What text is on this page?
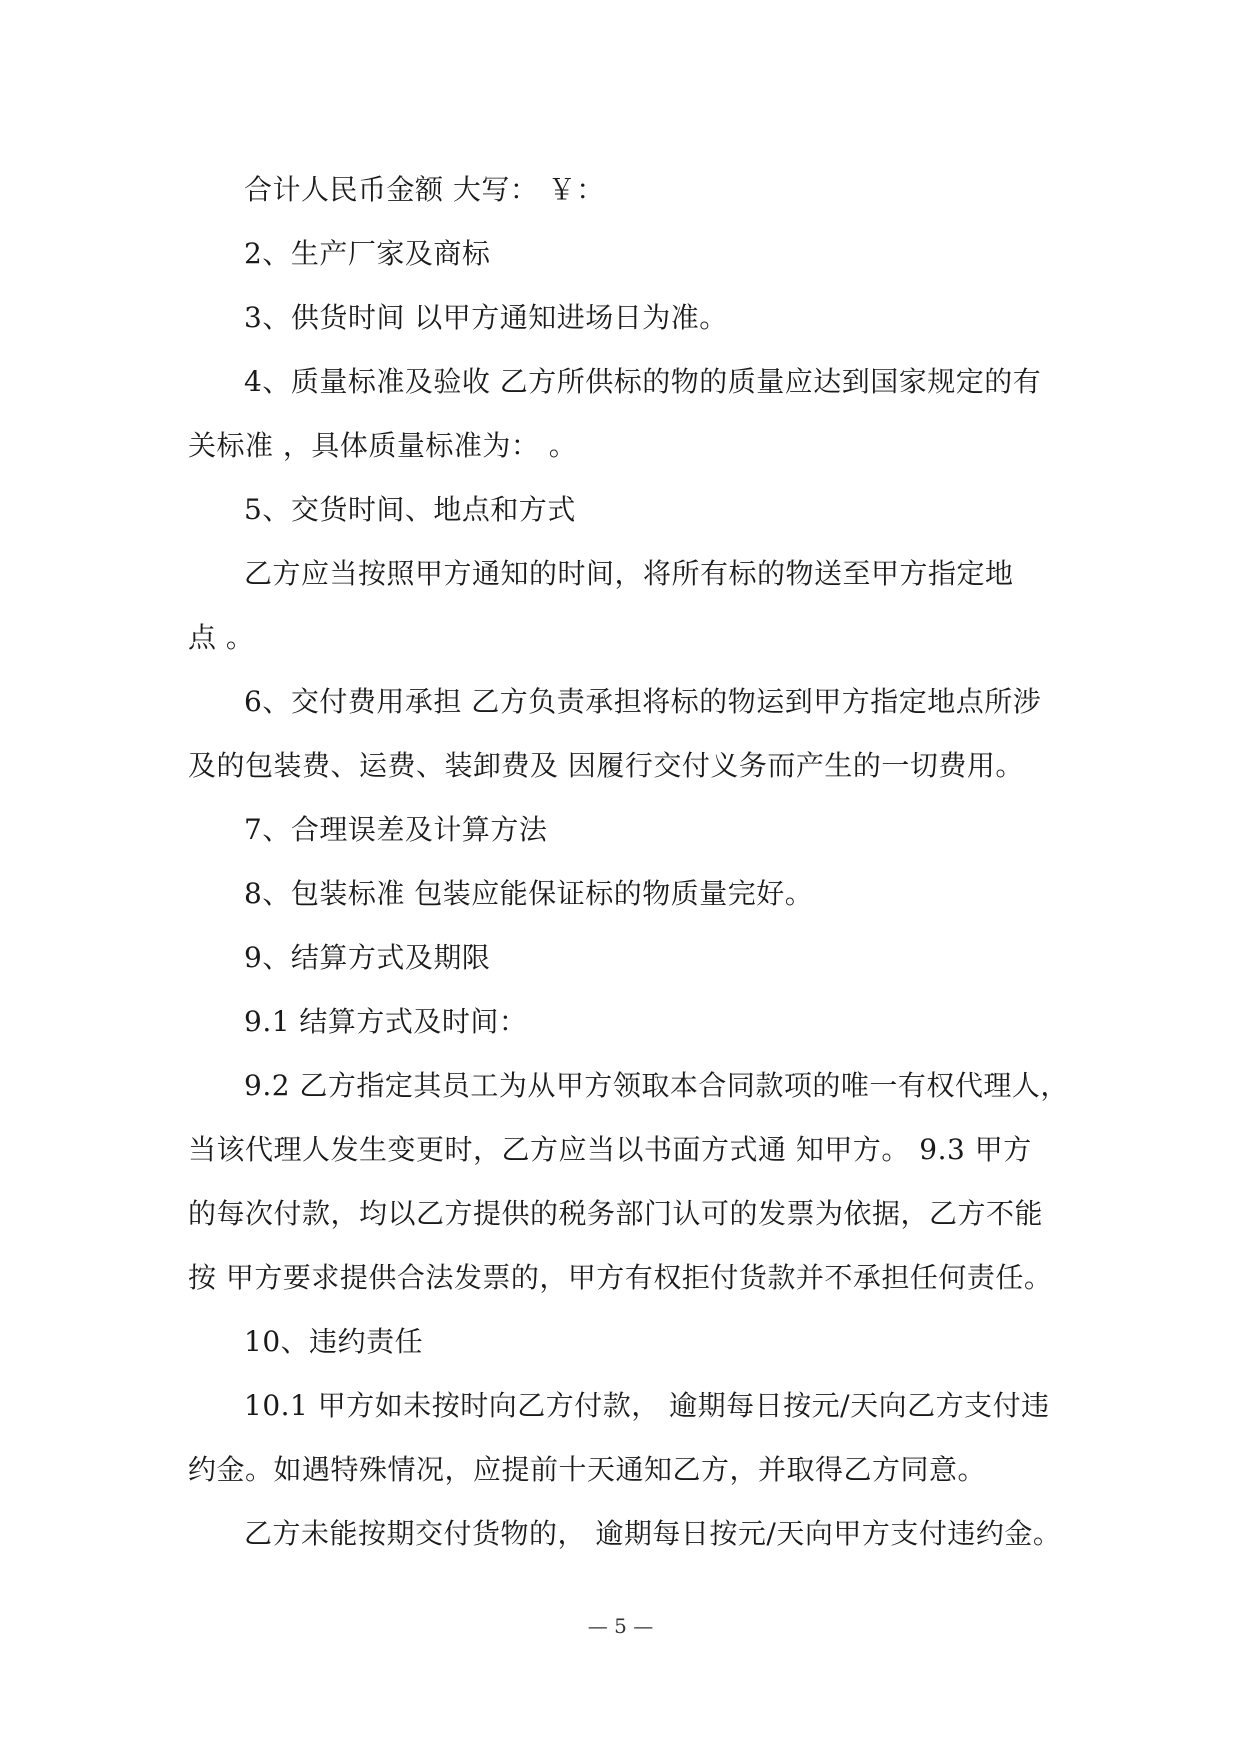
合计人民币金额 大写： ￥：
2、生产厂家及商标
3、供货时间 以甲方通知进场日为准。
4、质量标准及验收 乙方所供标的物的质量应达到国家规定的有
关标准 ，具体质量标准为： 。
5、交货时间、地点和方式
乙方应当按照甲方通知的时间，将所有标的物送至甲方指定地
点 。
6、交付费用承担 乙方负责承担将标的物运到甲方指定地点所涉
及的包装费、运费、装卸费及 因履行交付义务而产生的一切费用。
7、合理误差及计算方法
8、包装标准 包装应能保证标的物质量完好。
9、结算方式及期限
9.1 结算方式及时间：
9.2 乙方指定其员工为从甲方领取本合同款项的唯一有权代理人，
当该代理人发生变更时，乙方应当以书面方式通 知甲方。 9.3 甲方
的每次付款，均以乙方提供的税务部门认可的发票为依据，乙方不能
按 甲方要求提供合法发票的，甲方有权拒付货款并不承担任何责任。
10、违约责任
10.1 甲方如未按时向乙方付款， 逾期每日按元/天向乙方支付违
约金。如遇特殊情况，应提前十天通知乙方，并取得乙方同意。
乙方未能按期交付货物的， 逾期每日按元/天向甲方支付违约金。
— 5 —
